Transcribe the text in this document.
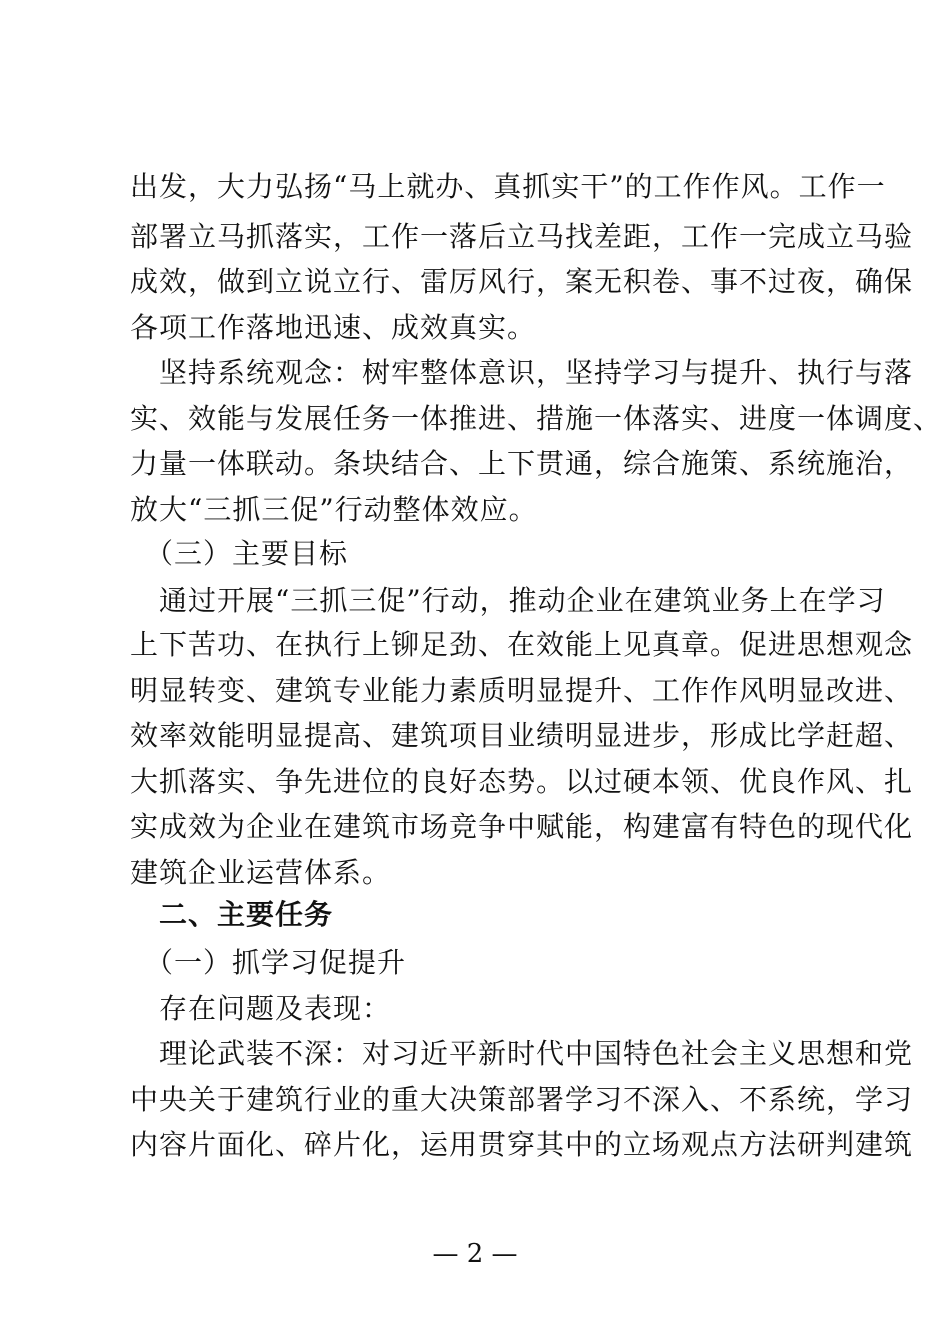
出发，大力弘扬“马上就办、真抓实干”的工作作风。工作一
部署立马抓落实，工作一落后立马找差距，工作一完成立马验
成效，做到立说立行、雷厉风行，案无积卷、事不过夜，确保
各项工作落地迅速、成效真实。
　坚持系统观念：树牢整体意识，坚持学习与提升、执行与落
实、效能与发展任务一体推进、措施一体落实、进度一体调度、
力量一体联动。条块结合、上下贯通，综合施策、系统施治，
放大“三抓三促”行动整体效应。
　（三）主要目标
　通过开展“三抓三促”行动，推动企业在建筑业务上在学习
上下苦功、在执行上铆足劲、在效能上见真章。促进思想观念
明显转变、建筑专业能力素质明显提升、工作作风明显改进、
效率效能明显提高、建筑项目业绩明显进步，形成比学赶超、
大抓落实、争先进位的良好态势。以过硬本领、优良作风、扎
实成效为企业在建筑市场竞争中赋能，构建富有特色的现代化
建筑企业运营体系。
　二、主要任务
　（一）抓学习促提升
　存在问题及表现：
　理论武装不深：对习近平新时代中国特色社会主义思想和党
中央关于建筑行业的重大决策部署学习不深入、不系统，学习
内容片面化、碎片化，运用贯穿其中的立场观点方法研判建筑
— 2 —
